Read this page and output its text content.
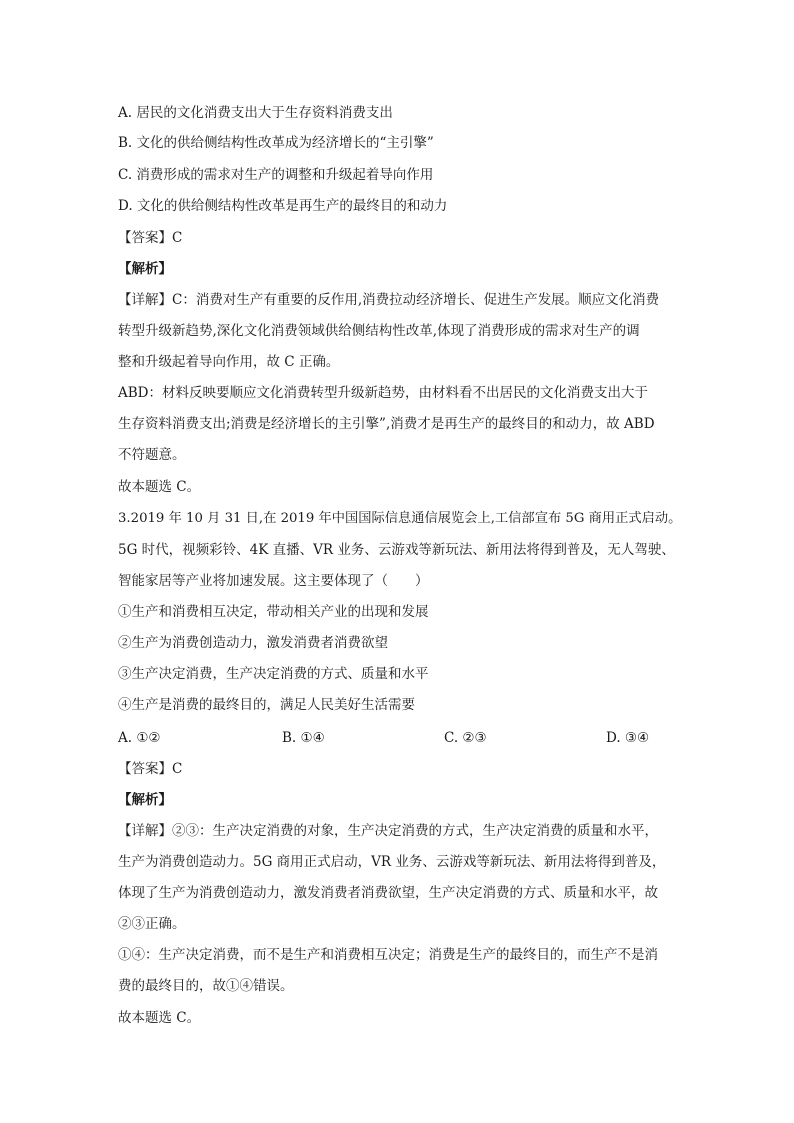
A. 居民的文化消费支出大于生存资料消费支出
B. 文化的供给侧结构性改革成为经济增长的“主引擎”
C. 消费形成的需求对生产的调整和升级起着导向作用
D. 文化的供给侧结构性改革是再生产的最终目的和动力
【答案】C
【解析】
【详解】C：消费对生产有重要的反作用,消费拉动经济增长、促进生产发展。顺应文化消费
转型升级新趋势,深化文化消费领域供给侧结构性改革,体现了消费形成的需求对生产的调
整和升级起着导向作用，故 C 正确。
ABD：材料反映要顺应文化消费转型升级新趋势，由材料看不出居民的文化消费支出大于
生存资料消费支出;消费是经济增长的主引擎”,消费才是再生产的最终目的和动力，故 ABD
不符题意。
故本题选 C。
3.2019 年 10 月 31 日,在 2019 年中国国际信息通信展览会上,工信部宣布 5G 商用正式启动。
5G 时代，视频彩铃、4K 直播、VR 业务、云游戏等新玩法、新用法将得到普及，无人驾驶、
智能家居等产业将加速发展。这主要体现了（　　）
①生产和消费相互决定，带动相关产业的出现和发展
②生产为消费创造动力，激发消费者消费欲望
③生产决定消费，生产决定消费的方式、质量和水平
④生产是消费的最终目的，满足人民美好生活需要
A. ①②	B. ①④	C. ②③	D. ③④
【答案】C
【解析】
【详解】②③：生产决定消费的对象，生产决定消费的方式，生产决定消费的质量和水平，
生产为消费创造动力。5G 商用正式启动，VR 业务、云游戏等新玩法、新用法将得到普及，
体现了生产为消费创造动力，激发消费者消费欲望，生产决定消费的方式、质量和水平，故
②③正确。
①④：生产决定消费，而不是生产和消费相互决定；消费是生产的最终目的，而生产不是消
费的最终目的，故①④错误。
故本题选 C。
